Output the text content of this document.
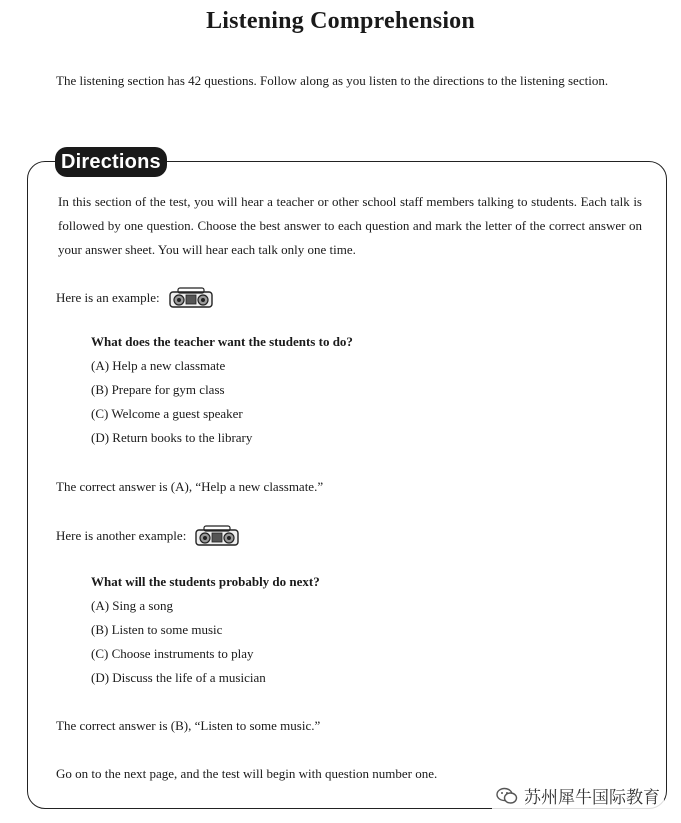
Listening Comprehension
The listening section has 42 questions. Follow along as you listen to the directions to the listening section.
Directions
In this section of the test, you will hear a teacher or other school staff members talking to students. Each talk is followed by one question. Choose the best answer to each question and mark the letter of the correct answer on your answer sheet. You will hear each talk only one time.
Here is an example:
What does the teacher want the students to do?
(A) Help a new classmate
(B) Prepare for gym class
(C) Welcome a guest speaker
(D) Return books to the library
The correct answer is (A), “Help a new classmate.”
Here is another example:
What will the students probably do next?
(A) Sing a song
(B) Listen to some music
(C) Choose instruments to play
(D) Discuss the life of a musician
The correct answer is (B), “Listen to some music.”
Go on to the next page, and the test will begin with question number one.
苏州犀牛国际教育
